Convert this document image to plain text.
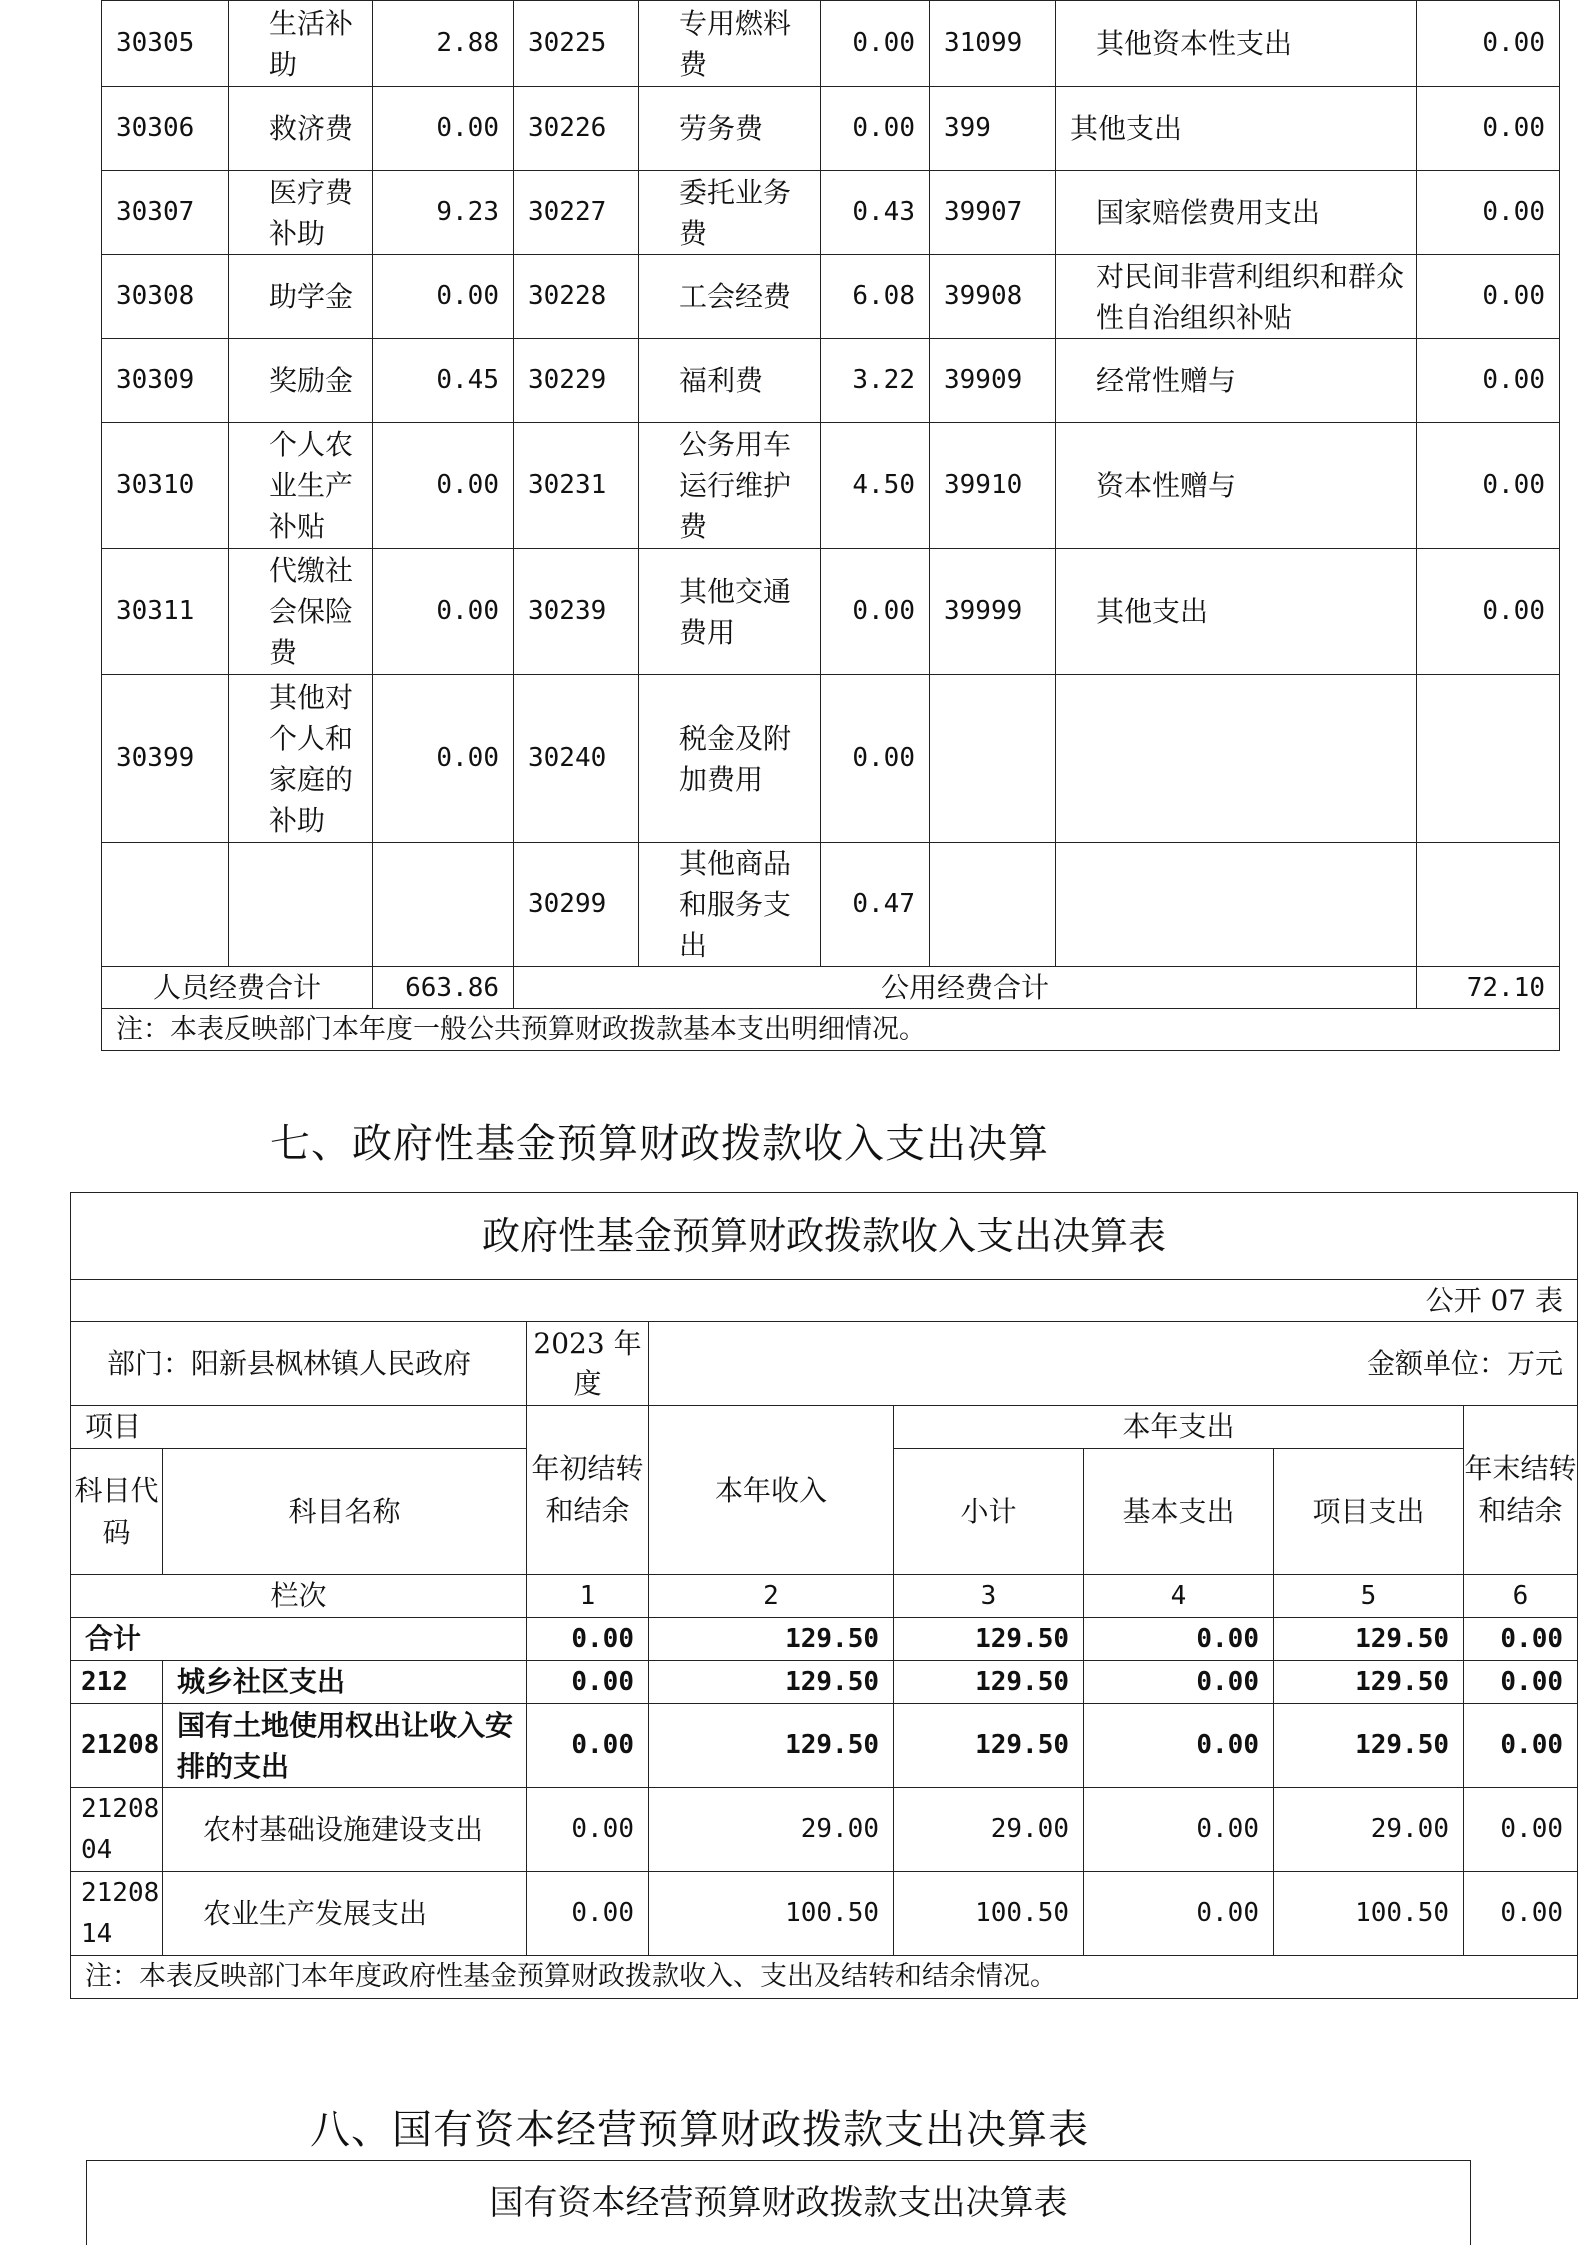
30305	生活补助	2.88	30225	专用燃料费	0.00	31099	其他资本性支出	0.00
30306	救济费	0.00	30226	劳务费	0.00	399	其他支出	0.00
30307	医疗费补助	9.23	30227	委托业务费	0.43	39907	国家赔偿费用支出	0.00
30308	助学金	0.00	30228	工会经费	6.08	39908	对民间非营利组织和群众性自治组织补贴	0.00
30309	奖励金	0.45	30229	福利费	3.22	39909	经常性赠与	0.00
30310	个人农业生产补贴	0.00	30231	公务用车运行维护费	4.50	39910	资本性赠与	0.00
30311	代缴社会保险费	0.00	30239	其他交通费用	0.00	39999	其他支出	0.00
30399	其他对个人和家庭的补助	0.00	30240	税金及附加费用	0.00			
			30299	其他商品和服务支出	0.47			
人员经费合计		663.86	公用经费合计					72.10
注：本表反映部门本年度一般公共预算财政拨款基本支出明细情况。								
七、政府性基金预算财政拨款收入支出决算
政府性基金预算财政拨款收入支出决算表							
公开 07 表							
部门：阳新县枫林镇人民政府		2023 年度	金额单位：万元				
项目		年初结转和结余	本年收入	本年支出			年末结转和结余
科目代码	科目名称			小计	基本支出	项目支出	
栏次		1	2	3	4	5	6
合计		0.00	129.50	129.50	0.00	129.50	0.00
212	城乡社区支出	0.00	129.50	129.50	0.00	129.50	0.00
21208	国有土地使用权出让收入安排的支出	0.00	129.50	129.50	0.00	129.50	0.00
2120804	农村基础设施建设支出	0.00	29.00	29.00	0.00	29.00	0.00
2120814	农业生产发展支出	0.00	100.50	100.50	0.00	100.50	0.00
注：本表反映部门本年度政府性基金预算财政拨款收入、支出及结转和结余情况。							
八、国有资本经营预算财政拨款支出决算表
国有资本经营预算财政拨款支出决算表
